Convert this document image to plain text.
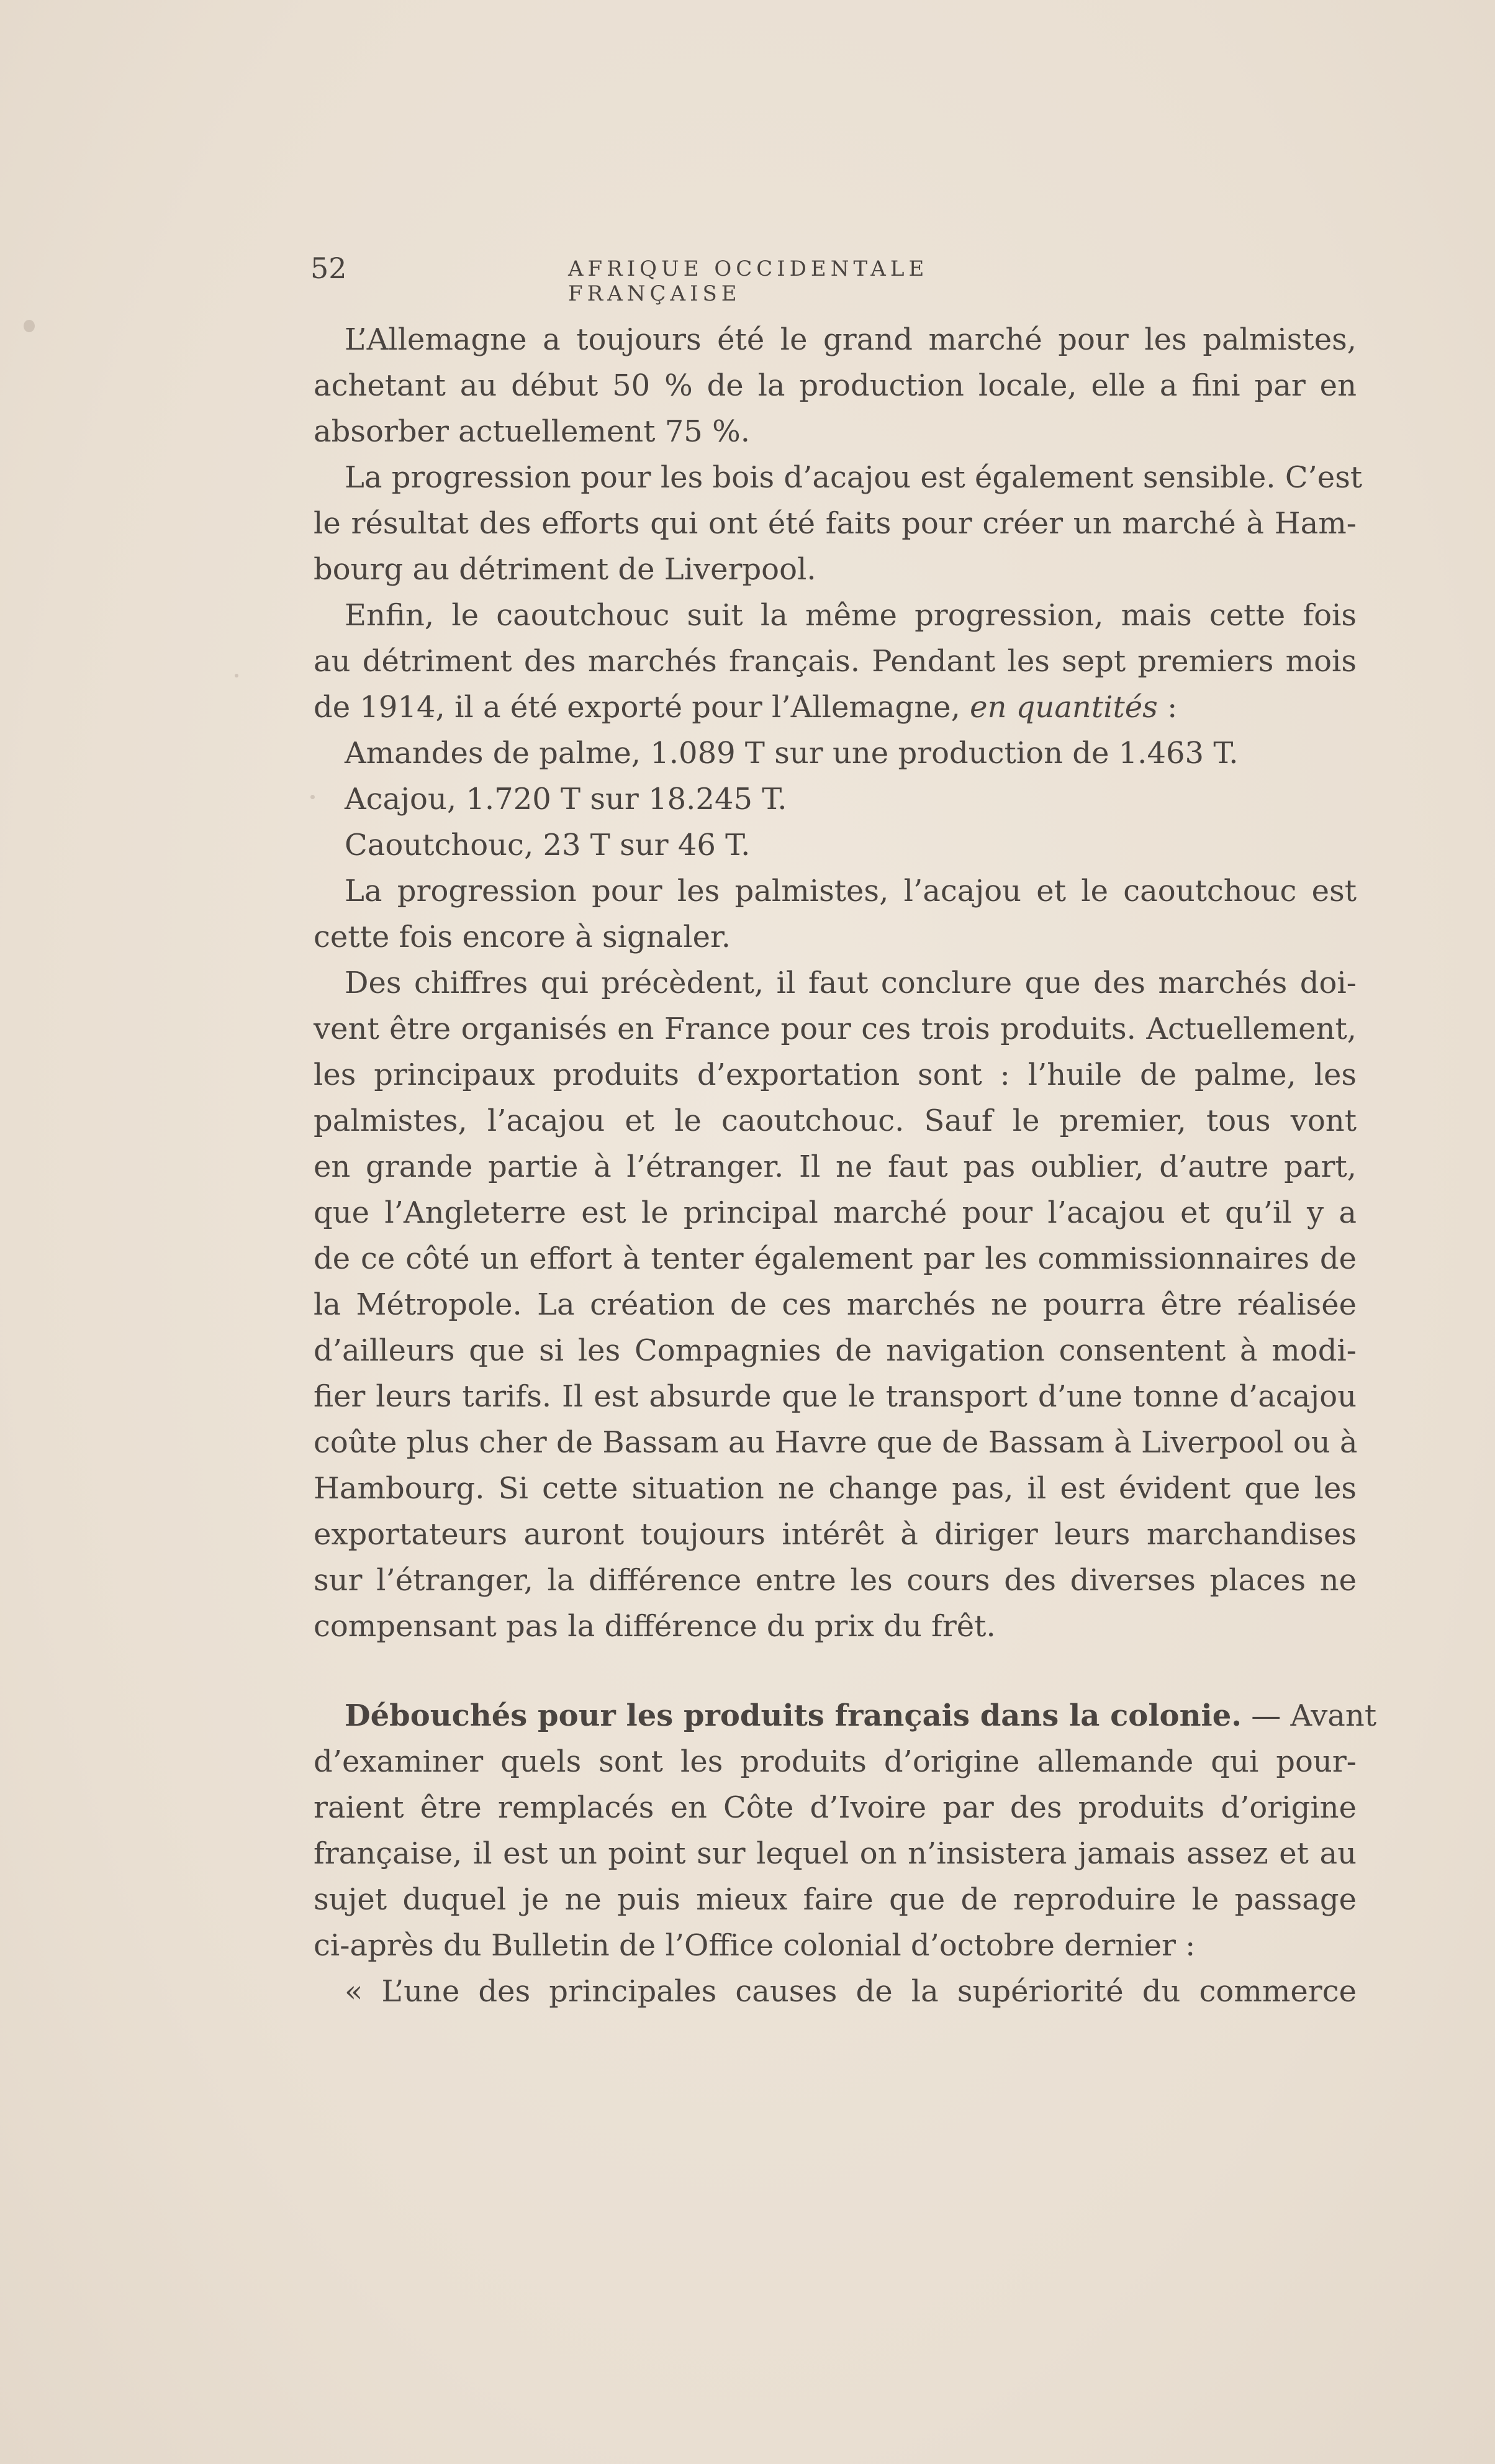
52	AFRIQUE OCCIDENTALE FRANÇAISE
L’Allemagne a toujours été le grand marché pour les palmistes,
achetant au début 50 % de la production locale, elle a fini par en
absorber actuellement 75 %.
La progression pour les bois d’acajou est également sensible. C’est
le résultat des efforts qui ont été faits pour créer un marché à Ham-
bourg au détriment de Liverpool.
Enfin, le caoutchouc suit la même progression, mais cette fois
au détriment des marchés français. Pendant les sept premiers mois
de 1914, il a été exporté pour l’Allemagne, en quantités :
Amandes de palme, 1.089 T sur une production de 1.463 T.
Acajou, 1.720 T sur 18.245 T.
Caoutchouc, 23 T sur 46 T.
La progression pour les palmistes, l’acajou et le caoutchouc est
cette fois encore à signaler.
Des chiffres qui précèdent, il faut conclure que des marchés doi-
vent être organisés en France pour ces trois produits. Actuellement,
les principaux produits d’exportation sont : l’huile de palme, les
palmistes, l’acajou et le caoutchouc. Sauf le premier, tous vont
en grande partie à l’étranger. Il ne faut pas oublier, d’autre part,
que l’Angleterre est le principal marché pour l’acajou et qu’il y a
de ce côté un effort à tenter également par les commissionnaires de
la Métropole. La création de ces marchés ne pourra être réalisée
d’ailleurs que si les Compagnies de navigation consentent à modi-
fier leurs tarifs. Il est absurde que le transport d’une tonne d’acajou
coûte plus cher de Bassam au Havre que de Bassam à Liverpool ou à
Hambourg. Si cette situation ne change pas, il est évident que les
exportateurs auront toujours intérêt à diriger leurs marchandises
sur l’étranger, la différence entre les cours des diverses places ne
compensant pas la différence du prix du frêt.
Débouchés pour les produits français dans la colonie. — Avant
d’examiner quels sont les produits d’origine allemande qui pour-
raient être remplacés en Côte d’Ivoire par des produits d’origine
française, il est un point sur lequel on n’insistera jamais assez et au
sujet duquel je ne puis mieux faire que de reproduire le passage
ci-après du Bulletin de l’Office colonial d’octobre dernier :
« L’une des principales causes de la supériorité du commerce
